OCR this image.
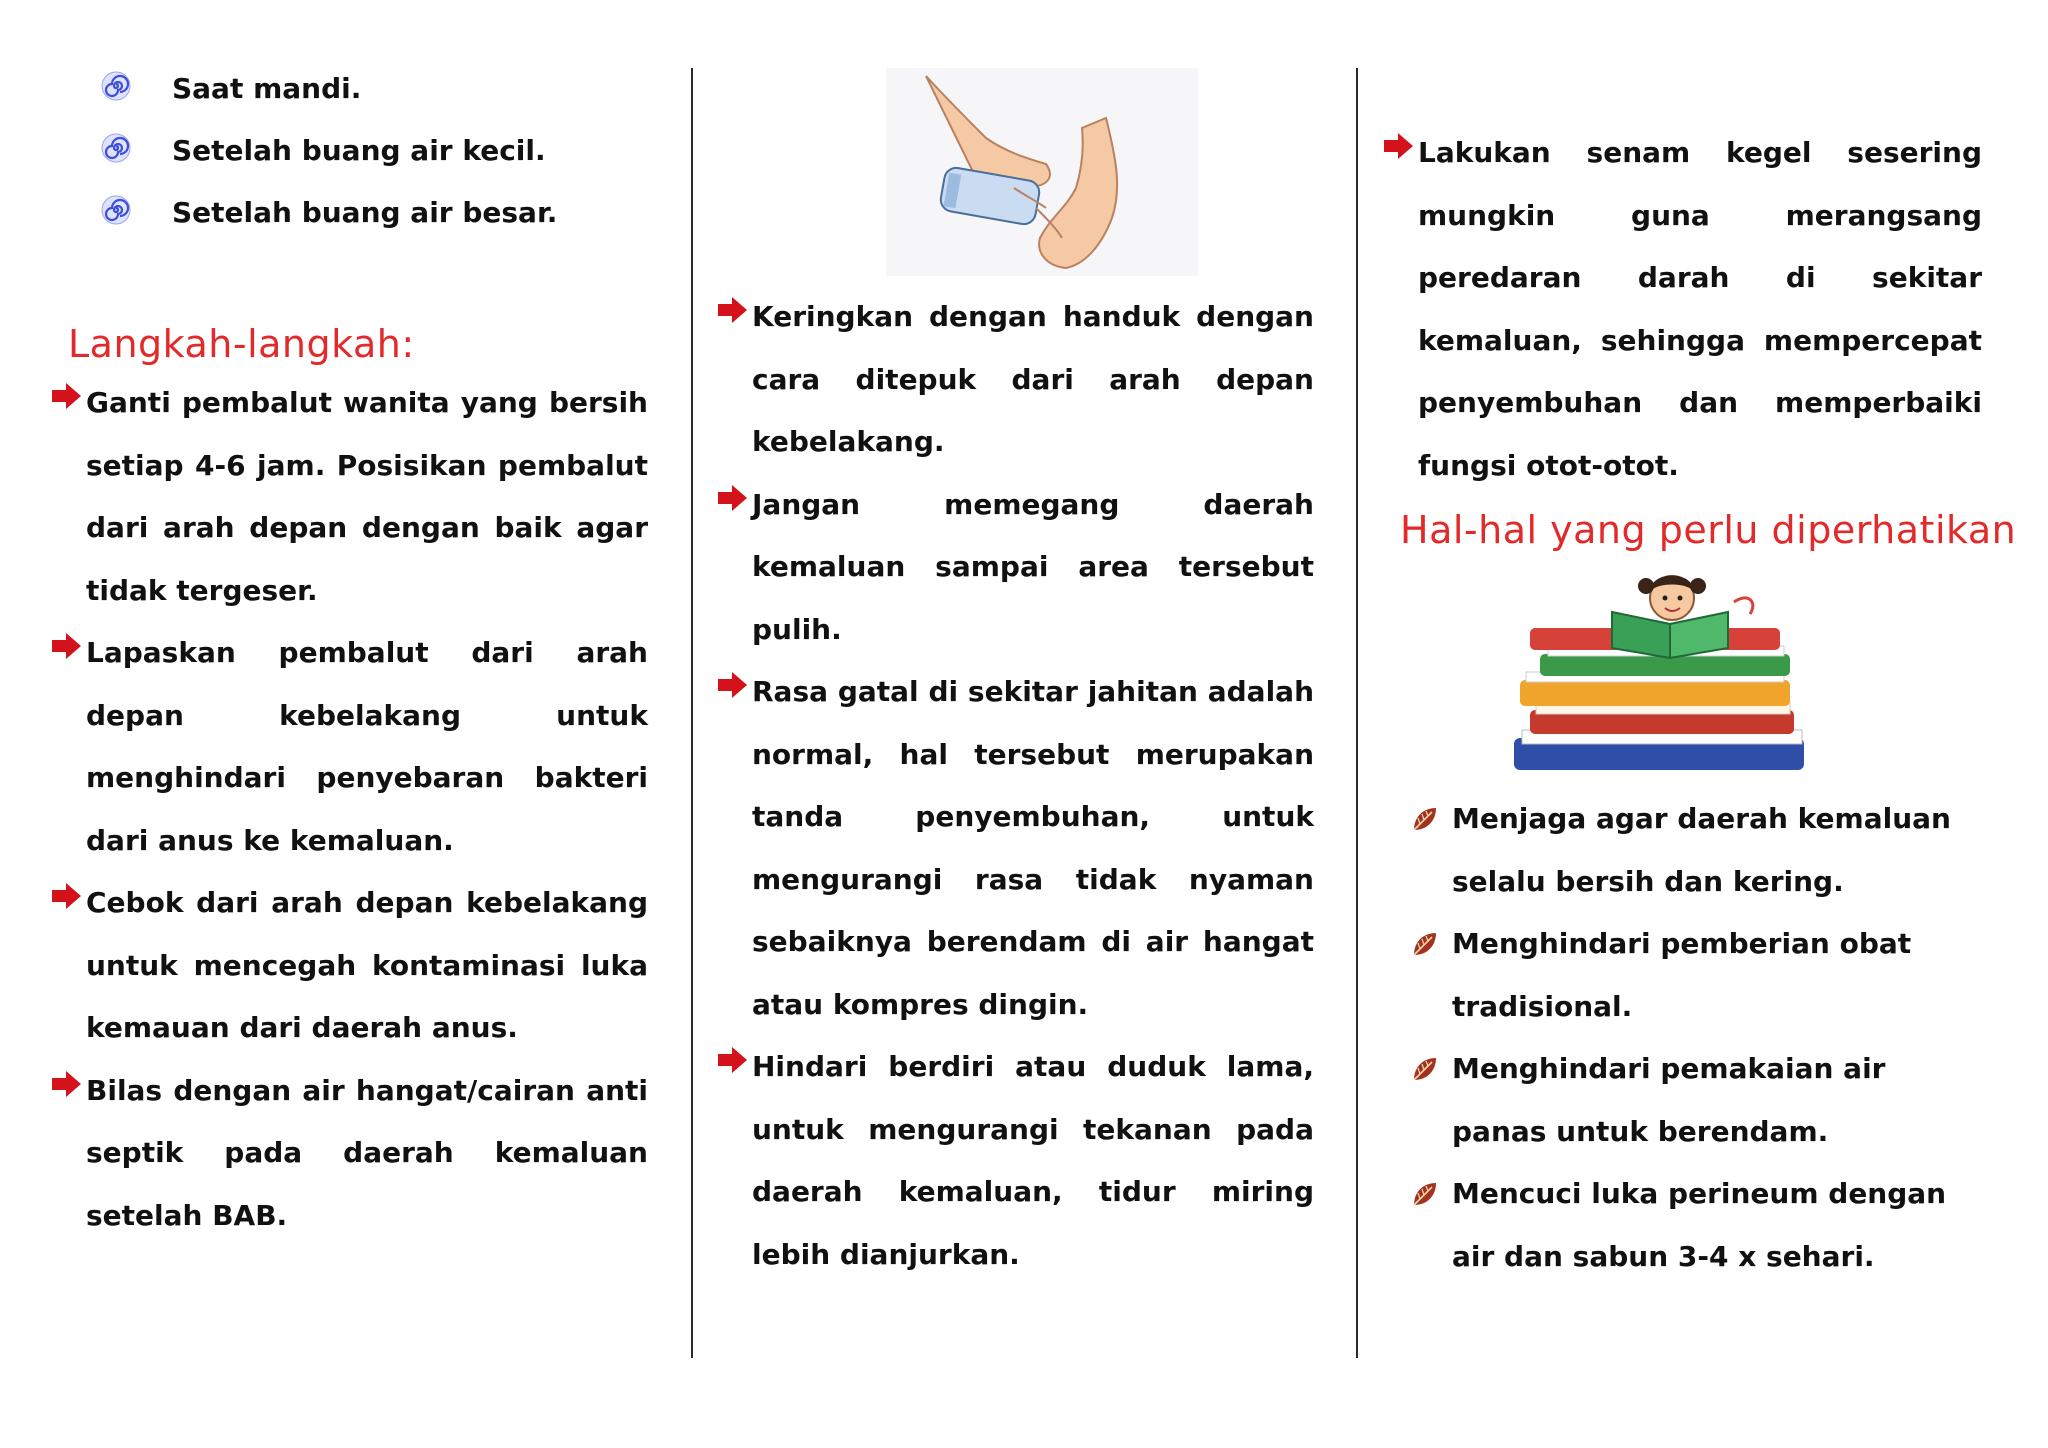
Saat mandi.
Setelah buang air kecil.
Setelah buang air besar.
Langkah-langkah:
Ganti pembalut wanita yang bersih setiap 4-6 jam. Posisikan pembalut dari arah depan dengan baik agar tidak tergeser.
Lapaskan pembalut dari arah depan kebelakang untuk menghindari penyebaran bakteri dari anus ke kemaluan.
Cebok dari arah depan kebelakang untuk mencegah kontaminasi luka kemauan dari daerah anus.
Bilas dengan air hangat/cairan anti septik pada daerah kemaluan setelah BAB.
Keringkan dengan handuk dengan cara ditepuk dari arah depan kebelakang.
Jangan memegang daerah kemaluan sampai area tersebut pulih.
Rasa gatal di sekitar jahitan adalah normal, hal tersebut merupakan tanda penyembuhan, untuk mengurangi rasa tidak nyaman sebaiknya berendam di air hangat atau kompres dingin.
Hindari berdiri atau duduk lama, untuk mengurangi tekanan pada daerah kemaluan, tidur miring lebih dianjurkan.
Lakukan senam kegel sesering mungkin guna merangsang peredaran darah di sekitar kemaluan, sehingga mempercepat penyembuhan dan memperbaiki fungsi otot-otot.
Hal-hal yang perlu diperhatikan
Menjaga agar daerah kemaluan selalu bersih dan kering.
Menghindari pemberian obat tradisional.
Menghindari pemakaian air panas untuk berendam.
Mencuci luka perineum dengan air dan sabun 3-4 x sehari.
